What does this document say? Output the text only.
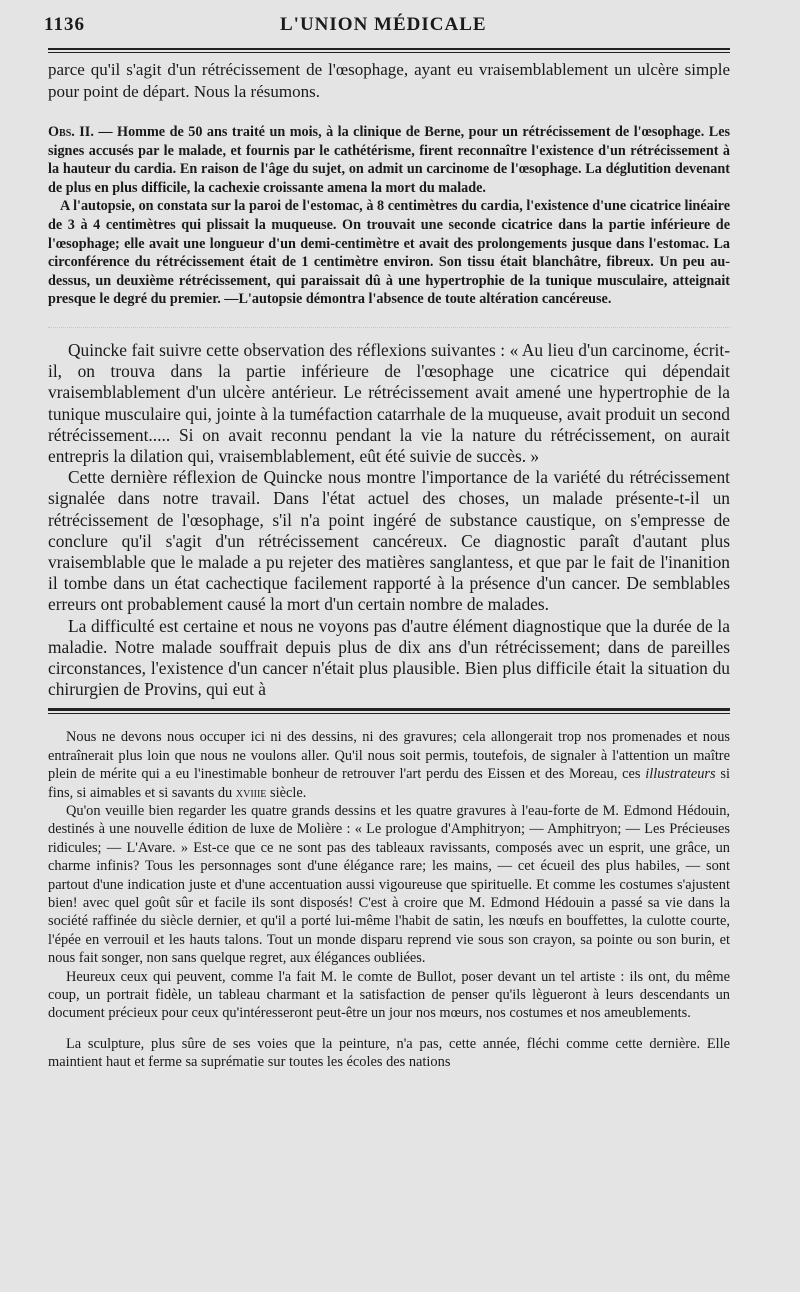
1136	L'UNION MÉDICALE

parce qu'il s'agit d'un rétrécissement de l'œsophage, ayant eu vraisemblablement un ulcère simple pour point de départ. Nous la résumons.

Obs. II. — Homme de 50 ans traité un mois, à la clinique de Berne, pour un rétrécissement de l'œsophage. Les signes accusés par le malade, et fournis par le cathétérisme, firent reconnaître l'existence d'un rétrécissement à la hauteur du cardia. En raison de l'âge du sujet, on admit un carcinome de l'œsophage. La déglutition devenant de plus en plus difficile, la cachexie croissante amena la mort du malade.

A l'autopsie, on constata sur la paroi de l'estomac, à 8 centimètres du cardia, l'existence d'une cicatrice linéaire de 3 à 4 centimètres qui plissait la muqueuse. On trouvait une seconde cicatrice dans la partie inférieure de l'œsophage; elle avait une longueur d'un demi-centimètre et avait des prolongements jusque dans l'estomac. La circonférence du rétrécissement était de 1 centimètre environ. Son tissu était blanchâtre, fibreux. Un peu au-dessus, un deuxième rétrécissement, qui paraissait dû à une hypertrophie de la tunique musculaire, atteignait presque le degré du premier. —L'autopsie démontra l'absence de toute altération cancéreuse.

Quincke fait suivre cette observation des réflexions suivantes : « Au lieu d'un carcinome, écrit-il, on trouva dans la partie inférieure de l'œsophage une cicatrice qui dépendait vraisemblablement d'un ulcère antérieur. Le rétrécissement avait amené une hypertrophie de la tunique musculaire qui, jointe à la tuméfaction catarrhale de la muqueuse, avait produit un second rétrécissement..... Si on avait reconnu pendant la vie la nature du rétrécissement, on aurait entrepris la dilation qui, vraisemblablement, eût été suivie de succès. »

Cette dernière réflexion de Quincke nous montre l'importance de la variété du rétrécissement signalée dans notre travail. Dans l'état actuel des choses, un malade présente-t-il un rétrécissement de l'œsophage, s'il n'a point ingéré de substance caustique, on s'empresse de conclure qu'il s'agit d'un rétrécissement cancéreux. Ce diagnostic paraît d'autant plus vraisemblable que le malade a pu rejeter des matières sanglantess, et que par le fait de l'inanition il tombe dans un état cachectique facilement rapporté à la présence d'un cancer. De semblables erreurs ont probablement causé la mort d'un certain nombre de malades.

La difficulté est certaine et nous ne voyons pas d'autre élément diagnostique que la durée de la maladie. Notre malade souffrait depuis plus de dix ans d'un rétrécissement; dans de pareilles circonstances, l'existence d'un cancer n'était plus plausible. Bien plus difficile était la situation du chirurgien de Provins, qui eut à

Nous ne devons nous occuper ici ni des dessins, ni des gravures; cela allongerait trop nos promenades et nous entraînerait plus loin que nous ne voulons aller. Qu'il nous soit permis, toutefois, de signaler à l'attention un maître plein de mérite qui a eu l'inestimable bonheur de retrouver l'art perdu des Eissen et des Moreau, ces illustrateurs si fins, si aimables et si savants du xviiie siècle.

Qu'on veuille bien regarder les quatre grands dessins et les quatre gravures à l'eau-forte de M. Edmond Hédouin, destinés à une nouvelle édition de luxe de Molière : « Le prologue d'Amphitryon; — Amphitryon; — Les Précieuses ridicules; — L'Avare. » Est-ce que ce ne sont pas des tableaux ravissants, composés avec un esprit, une grâce, un charme infinis? Tous les personnages sont d'une élégance rare; les mains, — cet écueil des plus habiles, — sont partout d'une indication juste et d'une accentuation aussi vigoureuse que spirituelle. Et comme les costumes s'ajustent bien! avec quel goût sûr et facile ils sont disposés! C'est à croire que M. Edmond Hédouin a passé sa vie dans la société raffinée du siècle dernier, et qu'il a porté lui-même l'habit de satin, les nœufs en bouffettes, la culotte courte, l'épée en verrouil et les hauts talons. Tout un monde disparu reprend vie sous son crayon, sa pointe ou son burin, et nous fait songer, non sans quelque regret, aux élégances oubliées.

Heureux ceux qui peuvent, comme l'a fait M. le comte de Bullot, poser devant un tel artiste : ils ont, du même coup, un portrait fidèle, un tableau charmant et la satisfaction de penser qu'ils lègueront à leurs descendants un document précieux pour ceux qu'intéresseront peut-être un jour nos mœurs, nos costumes et nos ameublements.

La sculpture, plus sûre de ses voies que la peinture, n'a pas, cette année, fléchi comme cette dernière. Elle maintient haut et ferme sa suprématie sur toutes les écoles des nations
